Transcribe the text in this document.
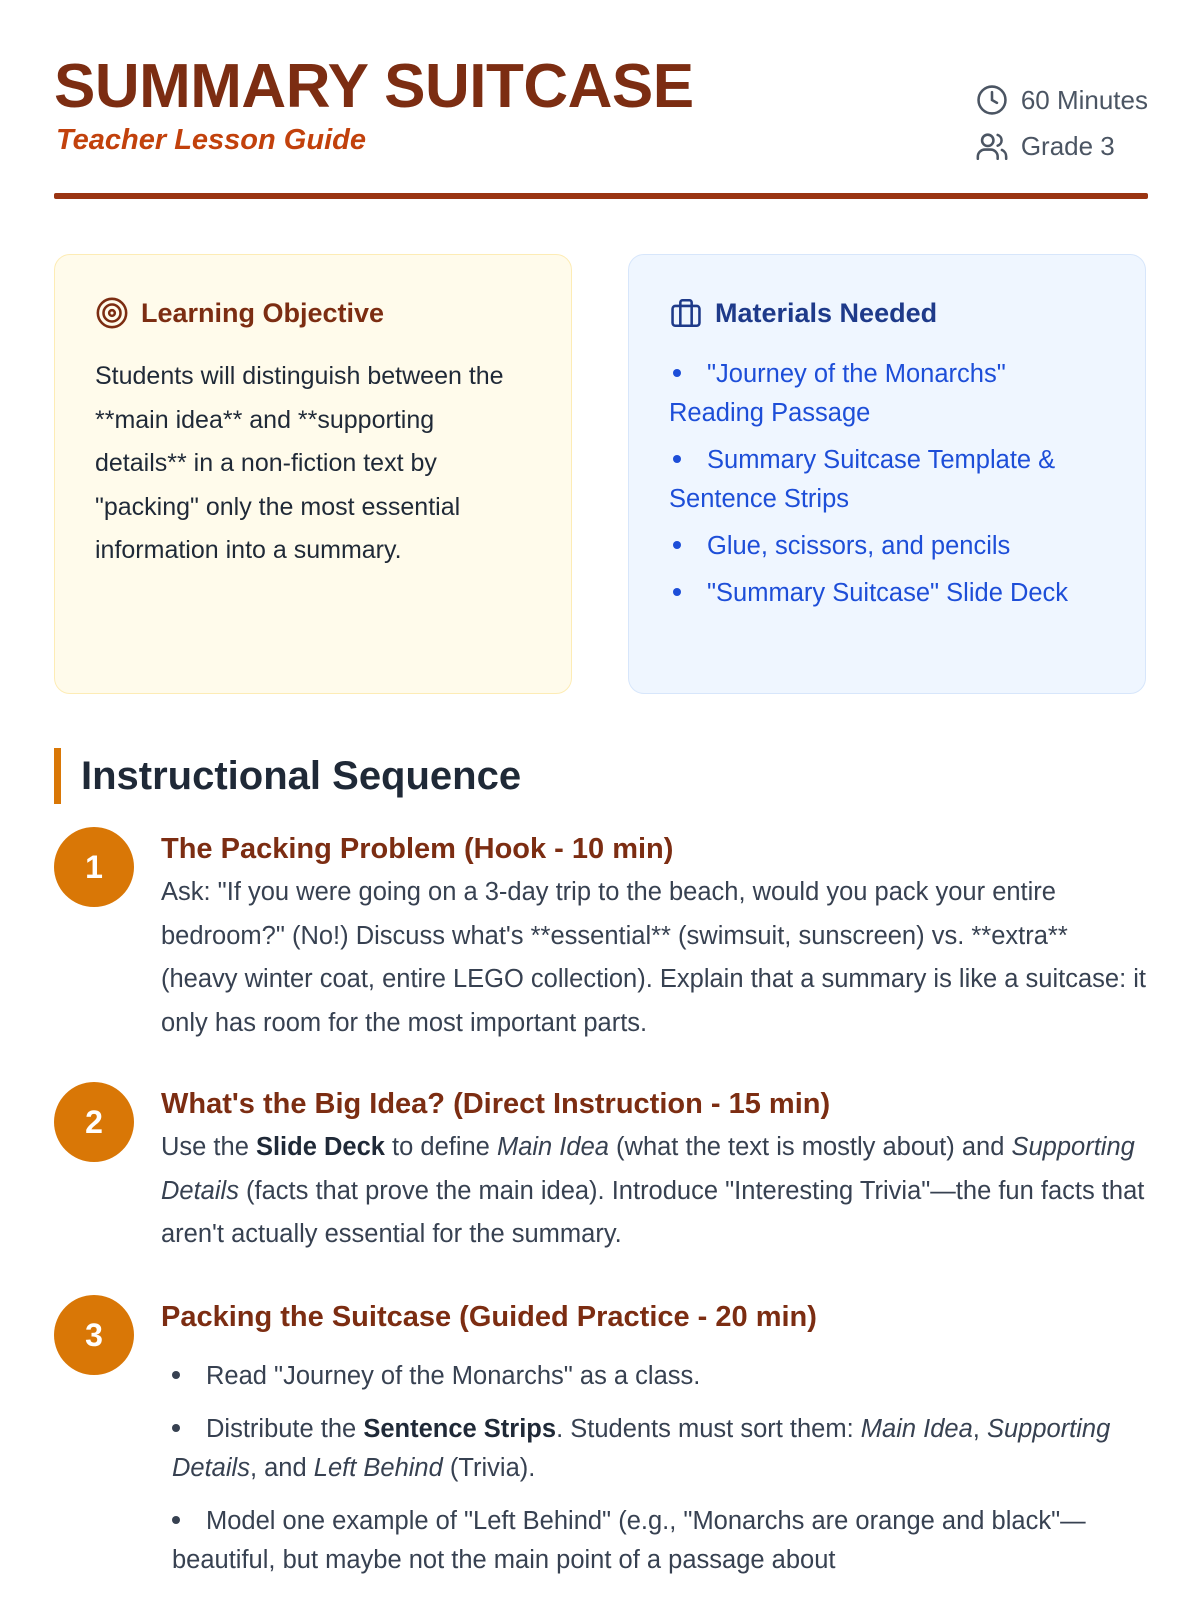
SUMMARY SUITCASE
Teacher Lesson Guide
60 Minutes
Grade 3
Learning Objective

Students will distinguish between the **main idea** and **supporting details** in a non-fiction text by "packing" only the most essential information into a summary.

Materials Needed
"Journey of the Monarchs" Reading Passage
Summary Suitcase Template & Sentence Strips
Glue, scissors, and pencils
"Summary Suitcase" Slide Deck
Instructional Sequence
1	The Packing Problem (Hook - 10 min)

Ask: "If you were going on a 3-day trip to the beach, would you pack your entire bedroom?" (No!) Discuss what's **essential** (swimsuit, sunscreen) vs. **extra** (heavy winter coat, entire LEGO collection). Explain that a summary is like a suitcase: it only has room for the most important parts.

2	What's the Big Idea? (Direct Instruction - 15 min)

Use the Slide Deck to define Main Idea (what the text is mostly about) and Supporting Details (facts that prove the main idea). Introduce "Interesting Trivia"—the fun facts that aren't actually essential for the summary.

3	Packing the Suitcase (Guided Practice - 20 min)
Read "Journey of the Monarchs" as a class.
Distribute the Sentence Strips. Students must sort them: Main Idea, Supporting Details, and Left Behind (Trivia).
Model one example of "Left Behind" (e.g., "Monarchs are orange and black"—beautiful, but maybe not the main point of a passage about
